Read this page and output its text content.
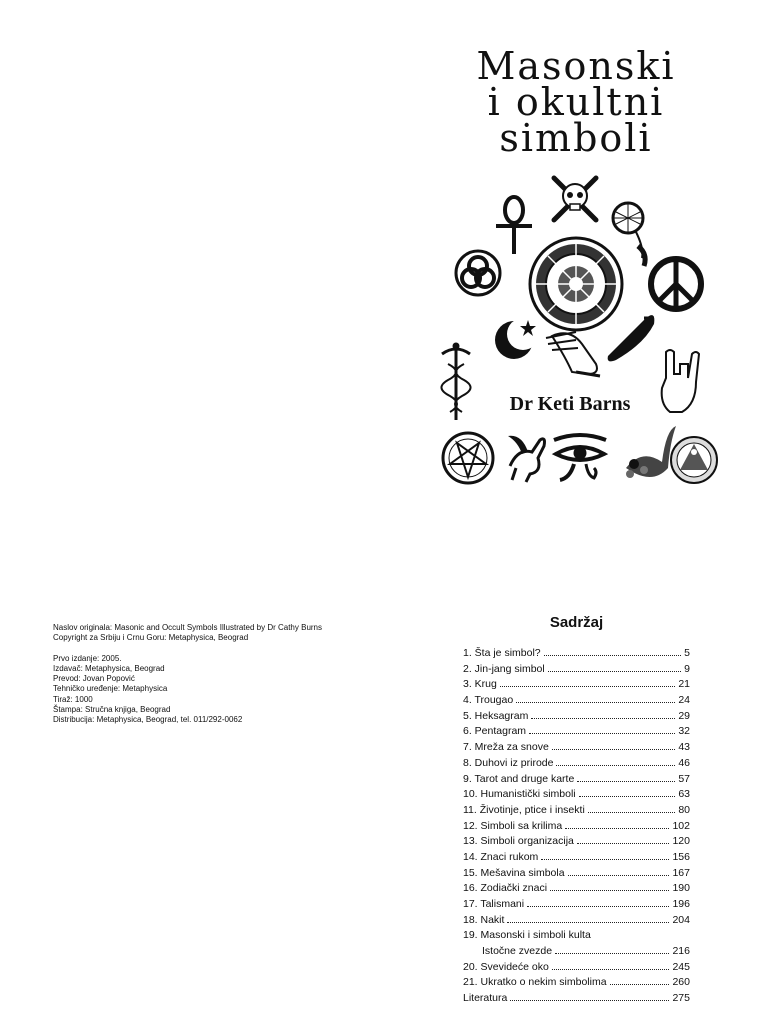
Masonski
i okultni
simboli
Dr Keti Barns
Naslov originala: Masonic and Occult Symbols Illustrated by Dr Cathy Burns
Copyright za Srbiju i Crnu Goru: Metaphysica, Beograd
Prvo izdanje: 2005.
Izdavač: Metaphysica, Beograd
Prevod: Jovan Popović
Tehničko uređenje: Metaphysica
Tiraž: 1000
Štampa: Stručna knjiga, Beograd
Distribucija: Metaphysica, Beograd, tel. 011/292-0062
Sadržaj
1. Šta je simbol?	5
2. Jin-jang simbol	9
3. Krug	21
4. Trougao	24
5. Heksagram	29
6. Pentagram	32
7. Mreža za snove	43
8. Duhovi iz prirode	46
9. Tarot and druge karte	57
10. Humanistički simboli	63
11. Životinje, ptice i insekti	80
12. Simboli sa krilima	102
13. Simboli organizacija	120
14. Znaci rukom	156
15. Mešavina simbola	167
16. Zodiački znaci	190
17. Talismani	196
18. Nakit	204
19. Masonski i simboli kulta
Istočne zvezde	216
20. Svevideće oko	245
21. Ukratko o nekim simbolima	260
Literatura	275
